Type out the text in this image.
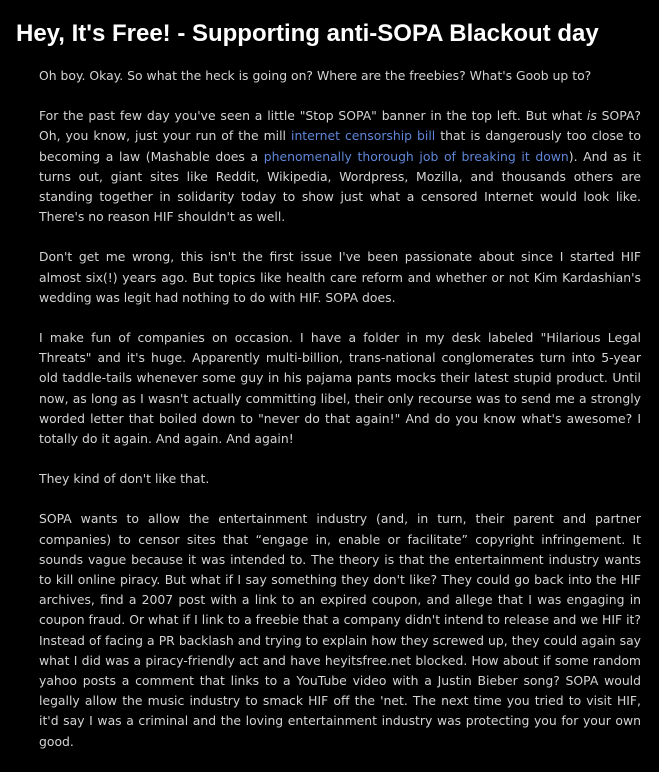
Hey, It's Free! - Supporting anti-SOPA Blackout day

Oh boy. Okay. So what the heck is going on? Where are the freebies? What's Goob up to?

For the past few day you've seen a little "Stop SOPA" banner in the top left. But what is SOPA? Oh, you know, just your run of the mill internet censorship bill that is dangerously too close to becoming a law (Mashable does a phenomenally thorough job of breaking it down). And as it turns out, giant sites like Reddit, Wikipedia, Wordpress, Mozilla, and thousands others are standing together in solidarity today to show just what a censored Internet would look like. There's no reason HIF shouldn't as well.

Don't get me wrong, this isn't the first issue I've been passionate about since I started HIF almost six(!) years ago. But topics like health care reform and whether or not Kim Kardashian's wedding was legit had nothing to do with HIF. SOPA does.

I make fun of companies on occasion. I have a folder in my desk labeled "Hilarious Legal Threats" and it's huge. Apparently multi-billion, trans-national conglomerates turn into 5-year old taddle-tails whenever some guy in his pajama pants mocks their latest stupid product. Until now, as long as I wasn't actually committing libel, their only recourse was to send me a strongly worded letter that boiled down to "never do that again!" And do you know what's awesome? I totally do it again. And again. And again!

They kind of don't like that.

SOPA wants to allow the entertainment industry (and, in turn, their parent and partner companies) to censor sites that “engage in, enable or facilitate” copyright infringement. It sounds vague because it was intended to. The theory is that the entertainment industry wants to kill online piracy. But what if I say something they don't like? They could go back into the HIF archives, find a 2007 post with a link to an expired coupon, and allege that I was engaging in coupon fraud. Or what if I link to a freebie that a company didn't intend to release and we HIF it? Instead of facing a PR backlash and trying to explain how they screwed up, they could again say what I did was a piracy-friendly act and have heyitsfree.net blocked. How about if some random yahoo posts a comment that links to a YouTube video with a Justin Bieber song? SOPA would legally allow the music industry to smack HIF off the 'net. The next time you tried to visit HIF, it'd say I was a criminal and the loving entertainment industry was protecting you for your own good.
